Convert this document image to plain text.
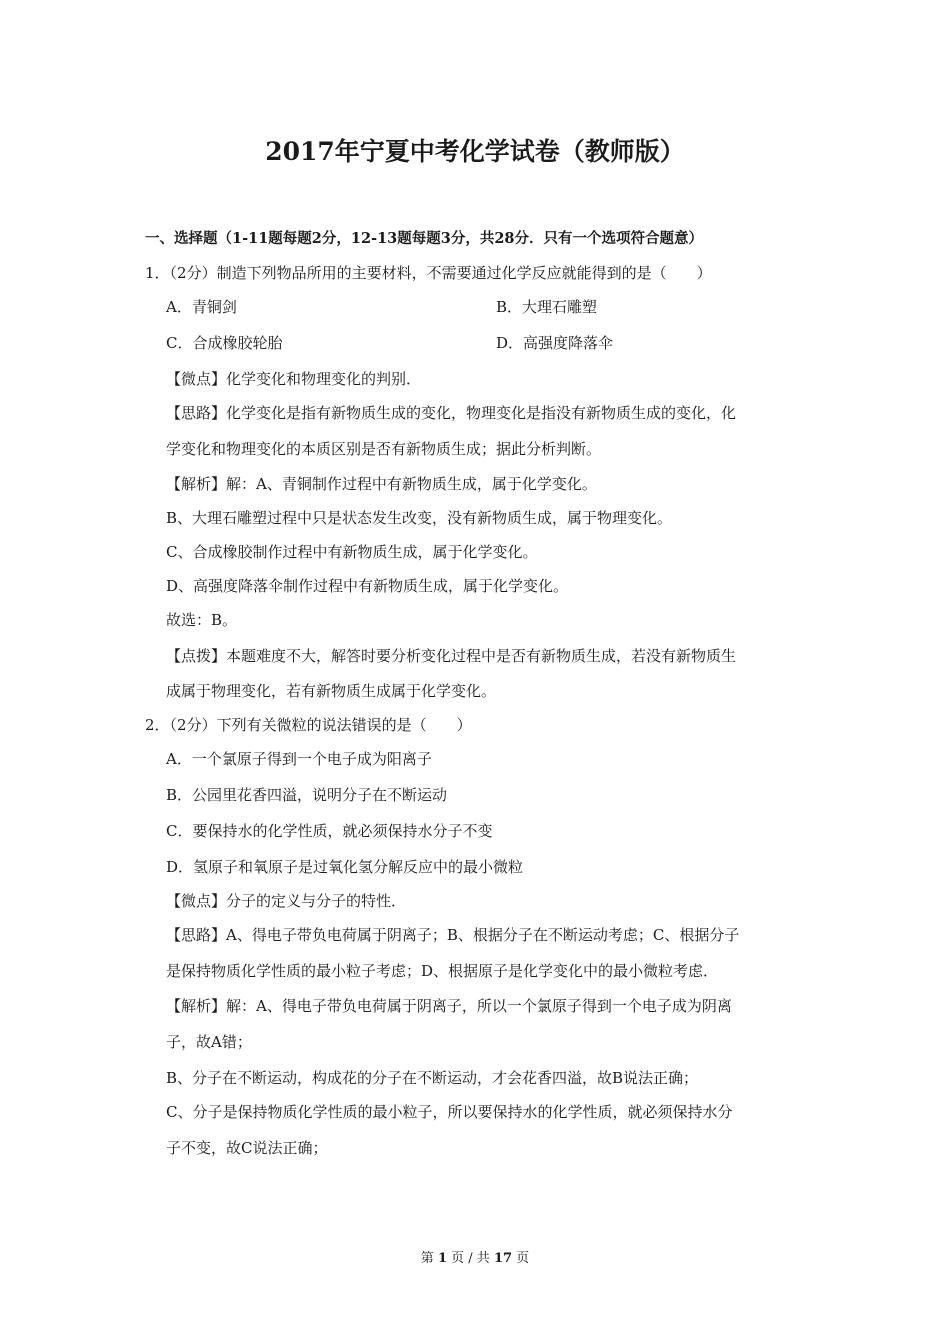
2017年宁夏中考化学试卷（教师版）
一、选择题（1-11题每题2分，12-13题每题3分，共28分．只有一个选项符合题意）
1．（2分）制造下列物品所用的主要材料，不需要通过化学反应就能得到的是（　　）
A．青铜剑	B．大理石雕塑
C．合成橡胶轮胎	D．高强度降落伞
【微点】化学变化和物理变化的判别．
【思路】化学变化是指有新物质生成的变化，物理变化是指没有新物质生成的变化，化
学变化和物理变化的本质区别是否有新物质生成；据此分析判断。
【解析】解：A、青铜制作过程中有新物质生成，属于化学变化。
B、大理石雕塑过程中只是状态发生改变，没有新物质生成，属于物理变化。
C、合成橡胶制作过程中有新物质生成，属于化学变化。
D、高强度降落伞制作过程中有新物质生成，属于化学变化。
故选：B。
【点拨】本题难度不大，解答时要分析变化过程中是否有新物质生成，若没有新物质生
成属于物理变化，若有新物质生成属于化学变化。
2．（2分）下列有关微粒的说法错误的是（　　）
A．一个氯原子得到一个电子成为阳离子
B．公园里花香四溢，说明分子在不断运动
C．要保持水的化学性质，就必须保持水分子不变
D．氢原子和氧原子是过氧化氢分解反应中的最小微粒
【微点】分子的定义与分子的特性．
【思路】A、得电子带负电荷属于阴离子；B、根据分子在不断运动考虑；C、根据分子
是保持物质化学性质的最小粒子考虑；D、根据原子是化学变化中的最小微粒考虑．
【解析】解：A、得电子带负电荷属于阴离子，所以一个氯原子得到一个电子成为阴离
子，故A错；
B、分子在不断运动，构成花的分子在不断运动，才会花香四溢，故B说法正确；
C、分子是保持物质化学性质的最小粒子，所以要保持水的化学性质，就必须保持水分
子不变，故C说法正确；
第 1 页 / 共 17 页
